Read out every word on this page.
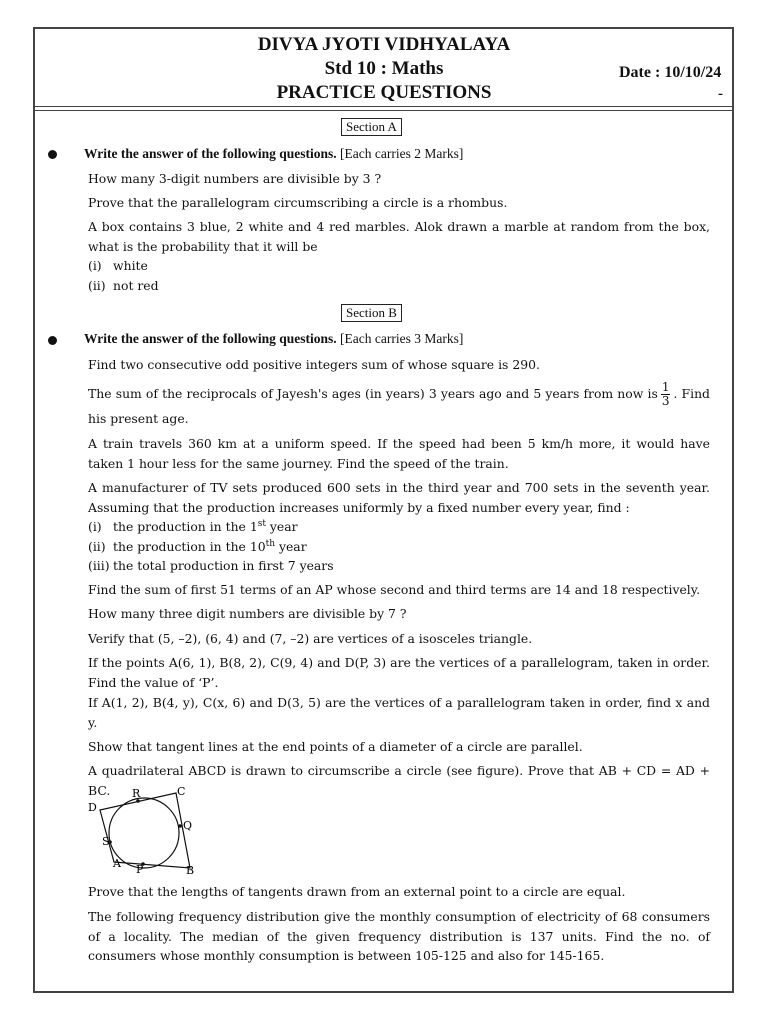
DIVYA JYOTI VIDHYALAYA
Std 10 : Maths
PRACTICE QUESTIONS
Date : 10/10/24
-
Section A
Write the answer of the following questions. [Each carries 2 Marks]
How many 3-digit numbers are divisible by 3 ?
Prove that the parallelogram circumscribing a circle is a rhombus.
A box contains 3 blue, 2 white and 4 red marbles. Alok drawn a marble at random from the box, what is the probability that it will be
(i) white
(ii) not red
Section B
Write the answer of the following questions. [Each carries 3 Marks]
Find two consecutive odd positive integers sum of whose square is 290.
The sum of the reciprocals of Jayesh's ages (in years) 3 years ago and 5 years from now is $\frac{1}{3}$ . Find his present age.
A train travels 360 km at a uniform speed. If the speed had been 5 km/h more, it would have taken 1 hour less for the same journey. Find the speed of the train.
A manufacturer of TV sets produced 600 sets in the third year and 700 sets in the seventh year. Assuming that the production increases uniformly by a fixed number every year, find :
(i) the production in the 1st year
(ii) the production in the 10th year
(iii) the total production in first 7 years
Find the sum of first 51 terms of an AP whose second and third terms are 14 and 18 respectively.
How many three digit numbers are divisible by 7 ?
Verify that (5, –2), (6, 4) and (7, –2) are vertices of a isosceles triangle.
If the points A(6, 1), B(8, 2), C(9, 4) and D(P, 3) are the vertices of a parallelogram, taken in order. Find the value of ‘P’.
If A(1, 2), B(4, y), C(x, 6) and D(3, 5) are the vertices of a parallelogram taken in order, find x and y.
Show that tangent lines at the end points of a diameter of a circle are parallel.
A quadrilateral ABCD is drawn to circumscribe a circle (see figure). Prove that AB + CD = AD + BC.
D
R	C
Q
S
A P	B
Prove that the lengths of tangents drawn from an external point to a circle are equal.
The following frequency distribution give the monthly consumption of electricity of 68 consumers of a locality. The median of the given frequency distribution is 137 units. Find the no. of consumers whose monthly consumption is between 105-125 and also for 145-165.
